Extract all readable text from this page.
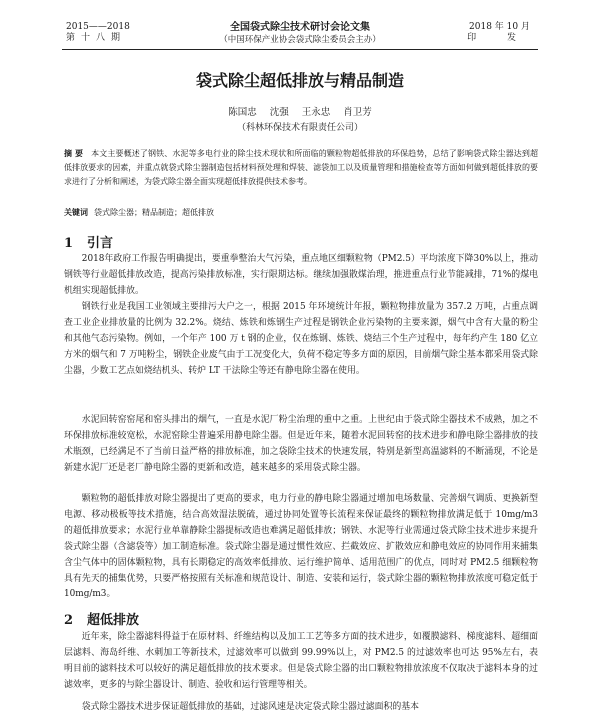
2015——2018
第十八期
全国袋式除尘技术研讨会论文集
（中国环保产业协会袋式除尘委员会主办）
2018 年 10 月
印 发
袋式除尘超低排放与精品制造
陈国忠 沈强 王永忠 肖卫芳
（科林环保技术有限责任公司）
摘 要 本文主要概述了钢铁、水泥等多电行业的除尘技术现状和所面临的颗粒物超低排放的环保趋势，总结了影响袋式除尘器达到超低排放要求的因素，并重点就袋式除尘器制造包括材料预处理和焊装、滤袋加工以及质量管理和措施检查等方面如何做到超低排放的要求进行了分析和阐述，为袋式除尘器全面实现超低排放提供技术参考。
关键词 袋式除尘器；精品制造；超低排放
1 引言

2018年政府工作报告明确提出，要重拳整治大气污染，重点地区细颗粒物（PM2.5）平均浓度下降30%以上，推动钢铁等行业超低排放改造，提高污染排放标准，实行限期达标。继续加强散煤治理，推进重点行业节能减排，71%的煤电机组实现超低排放。

钢铁行业是我国工业领域主要排污大户之一，根据 2015 年环境统计年报，颗粒物排放量为 357.2 万吨，占重点调查工业企业排放量的比例为 32.2%。烧结、炼铁和炼钢生产过程是钢铁企业污染物的主要来源，烟气中含有大量的粉尘和其他气态污染物。例如，一个年产 100 万 t 钢的企业，仅在炼钢、炼铁、烧结三个生产过程中，每年约产生 180 亿立方米的烟气和 7 万吨粉尘，钢铁企业废气由于工况变化大，负荷不稳定等多方面的原因，目前烟气除尘基本都采用袋式除尘器，少数工艺点如烧结机头、转炉 LT 干法除尘等还有静电除尘器在使用。

水泥回转窑窑尾和窑头排出的烟气，一直是水泥厂粉尘治理的重中之重。上世纪由于袋式除尘器技术不成熟，加之不环保排放标准较宽松，水泥窑除尘普遍采用静电除尘器。但是近年来，随着水泥回转窑的技术进步和静电除尘器排放的技术瓶颈，已经满足不了当前日益严格的排放标准，加之袋除尘技术的快速发展，特别是新型高温滤料的不断涌现，不论是新建水泥厂还是老厂静电除尘器的更新和改造，越来越多的采用袋式除尘器。

颗粒物的超低排放对除尘器提出了更高的要求，电力行业的静电除尘器通过增加电场数量、完善烟气调质、更换新型电源、移动极板等技术措施，结合高效湿法脱硫，通过协同处置等长流程来保证最终的颗粒物排放满足低于 10mg/m3 的超低排放要求；水泥行业单靠静除尘器提标改造也难满足超低排放；钢铁、水泥等行业需通过袋式除尘技术进步来提升袋式除尘器（含滤袋等）加工制造标准。袋式除尘器是通过惯性效应、拦截效应、扩散效应和静电效应的协同作用来捕集含尘气体中的固体颗粒物，具有长期稳定的高效率低排放、运行维护简单、适用范围广的优点，同时对 PM2.5 细颗粒物具有先天的捕集优势，只要严格按照有关标准和规范设计、制造、安装和运行，袋式除尘器的颗粒物排放浓度可稳定低于 10mg/m3。

2 超低排放

近年来，除尘器滤料得益于在原材料、纤维结构以及加工工艺等多方面的技术进步，如覆膜滤料、梯度滤料、超细面层滤料、海岛纤维、水刺加工等新技术，过滤效率可以做到 99.99%以上，对 PM2.5 的过滤效率也可达 95%左右，表明目前的滤料技术可以较好的满足超低排放的技术要求。但是袋式除尘器的出口颗粒物排放浓度不仅取决于滤料本身的过滤效率，更多的与除尘器设计、制造、验收和运行管理等相关。

袋式除尘器技术进步保证超低排放的基础，过滤风速是决定袋式除尘器过滤面积的基本
